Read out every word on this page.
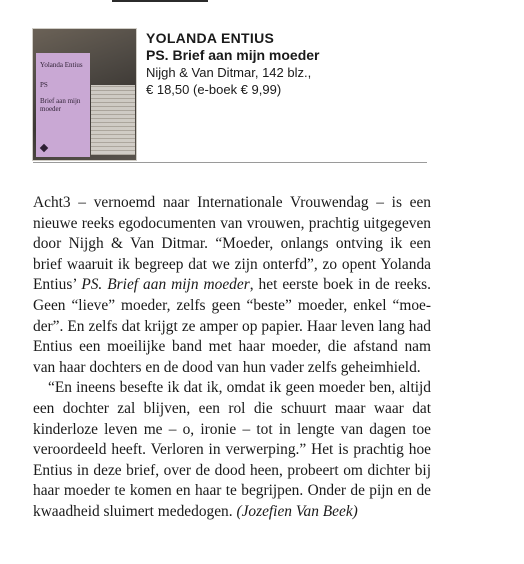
Yolanda Entius
PS
Brief aan mijn moeder
YOLANDA ENTIUS
PS. Brief aan mijn moeder
Nijgh & Van Ditmar, 142 blz.,
€ 18,50 (e-boek € 9,99)

Acht3 – vernoemd naar Internationale Vrouwendag – is een nieuwe reeks egodocumenten van vrouwen, prachtig uitgegeven door Nijgh & Van Ditmar. “Moeder, onlangs ontving ik een brief waaruit ik begreep dat we zijn onterfd”, zo opent Yolanda Entius’ PS. Brief aan mijn moeder, het eerste boek in de reeks. Geen “lieve” moeder, zelfs geen “beste” moeder, enkel “moeder”. En zelfs dat krijgt ze amper op papier. Haar leven lang had Entius een moeilijke band met haar moeder, die afstand nam van haar dochters en de dood van hun vader zelfs geheimhield.

“En ineens besefte ik dat ik, omdat ik geen moeder ben, altijd een dochter zal blijven, een rol die schuurt maar waar dat kinderloze leven me – o, ironie – tot in lengte van dagen toe veroordeeld heeft. Verloren in verwerping.” Het is prachtig hoe Entius in deze brief, over de dood heen, probeert om dichter bij haar moeder te komen en haar te begrijpen. Onder de pijn en de kwaadheid sluimert mededogen. (Jozefien Van Beek)
